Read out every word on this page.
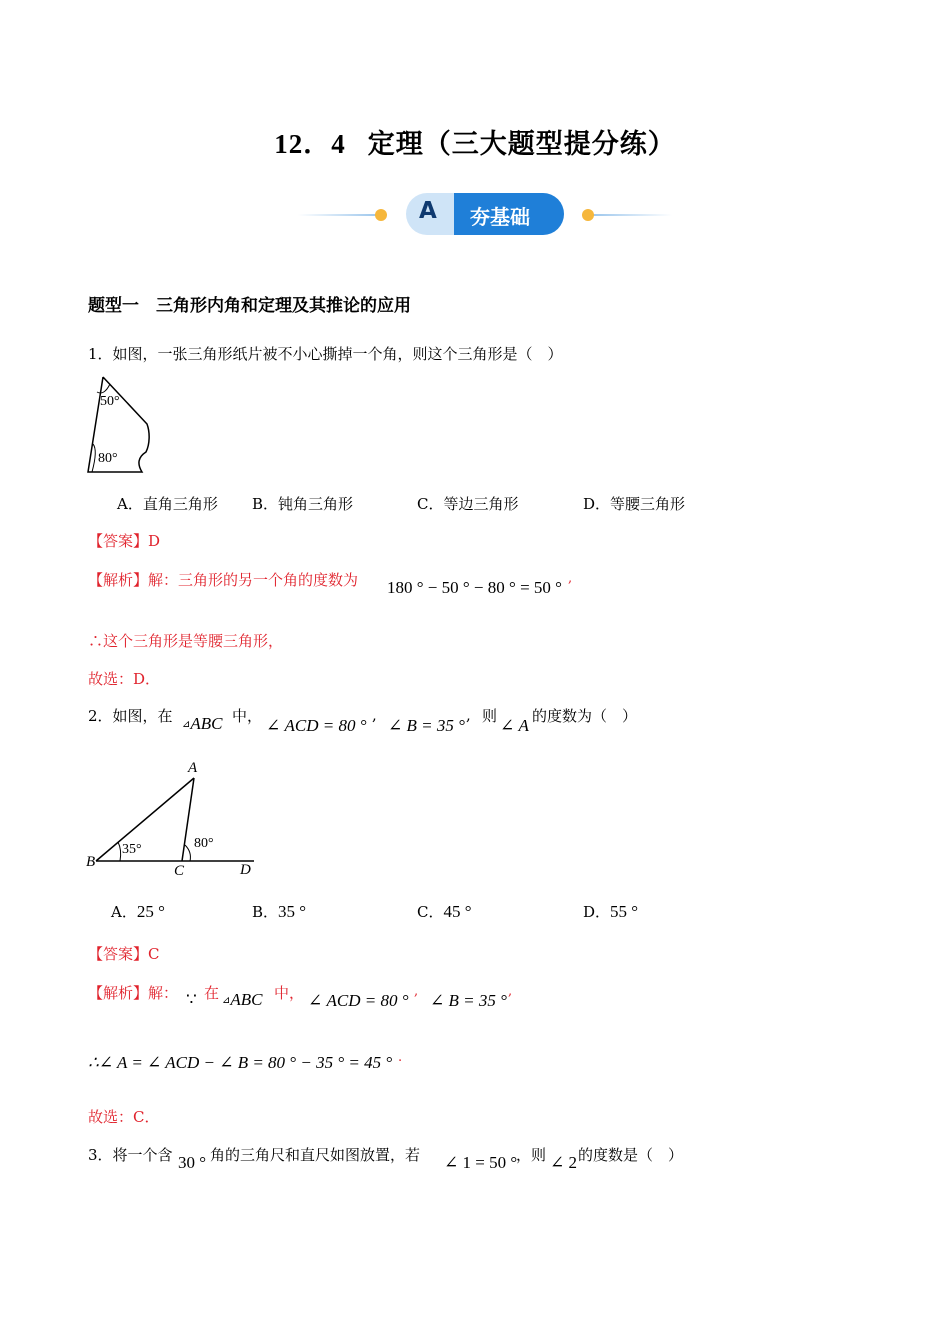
12．4 定理（三大题型提分练）
A 夯基础
题型一　三角形内角和定理及其推论的应用
1．如图，一张三角形纸片被不小心撕掉一个角，则这个三角形是（　）
50°
80°
A．直角三角形 B．钝角三角形	C．等边三角形	D．等腰三角形
【答案】D
【解析】解：三角形的另一个角的度数为 180 ° − 50 ° − 80 ° = 50 ° ,
∴这个三角形是等腰三角形，
故选：D．
2．如图，在 ⊿ABC 中， ∠ ACD = 80 °
,
∠ B = 35 °
, 则 ∠ A 的度数为（　）
A
B
C	D
35°	80°
A．25 °	B．35 °	C．45 °	D．55 °
【答案】C
【解析】解： ∵ 在 ⊿ABC 中， ∠ ACD = 80 ° , ∠ B = 35 ° ,
∴∠ A = ∠ ACD − ∠ B = 80 ° − 35 ° = 45 ° .
故选：C．
3．将一个含 30 ° 角的三角尺和直尺如图放置，若 ∠ 1 = 50 °
，则 ∠ 2 的度数是（　）
